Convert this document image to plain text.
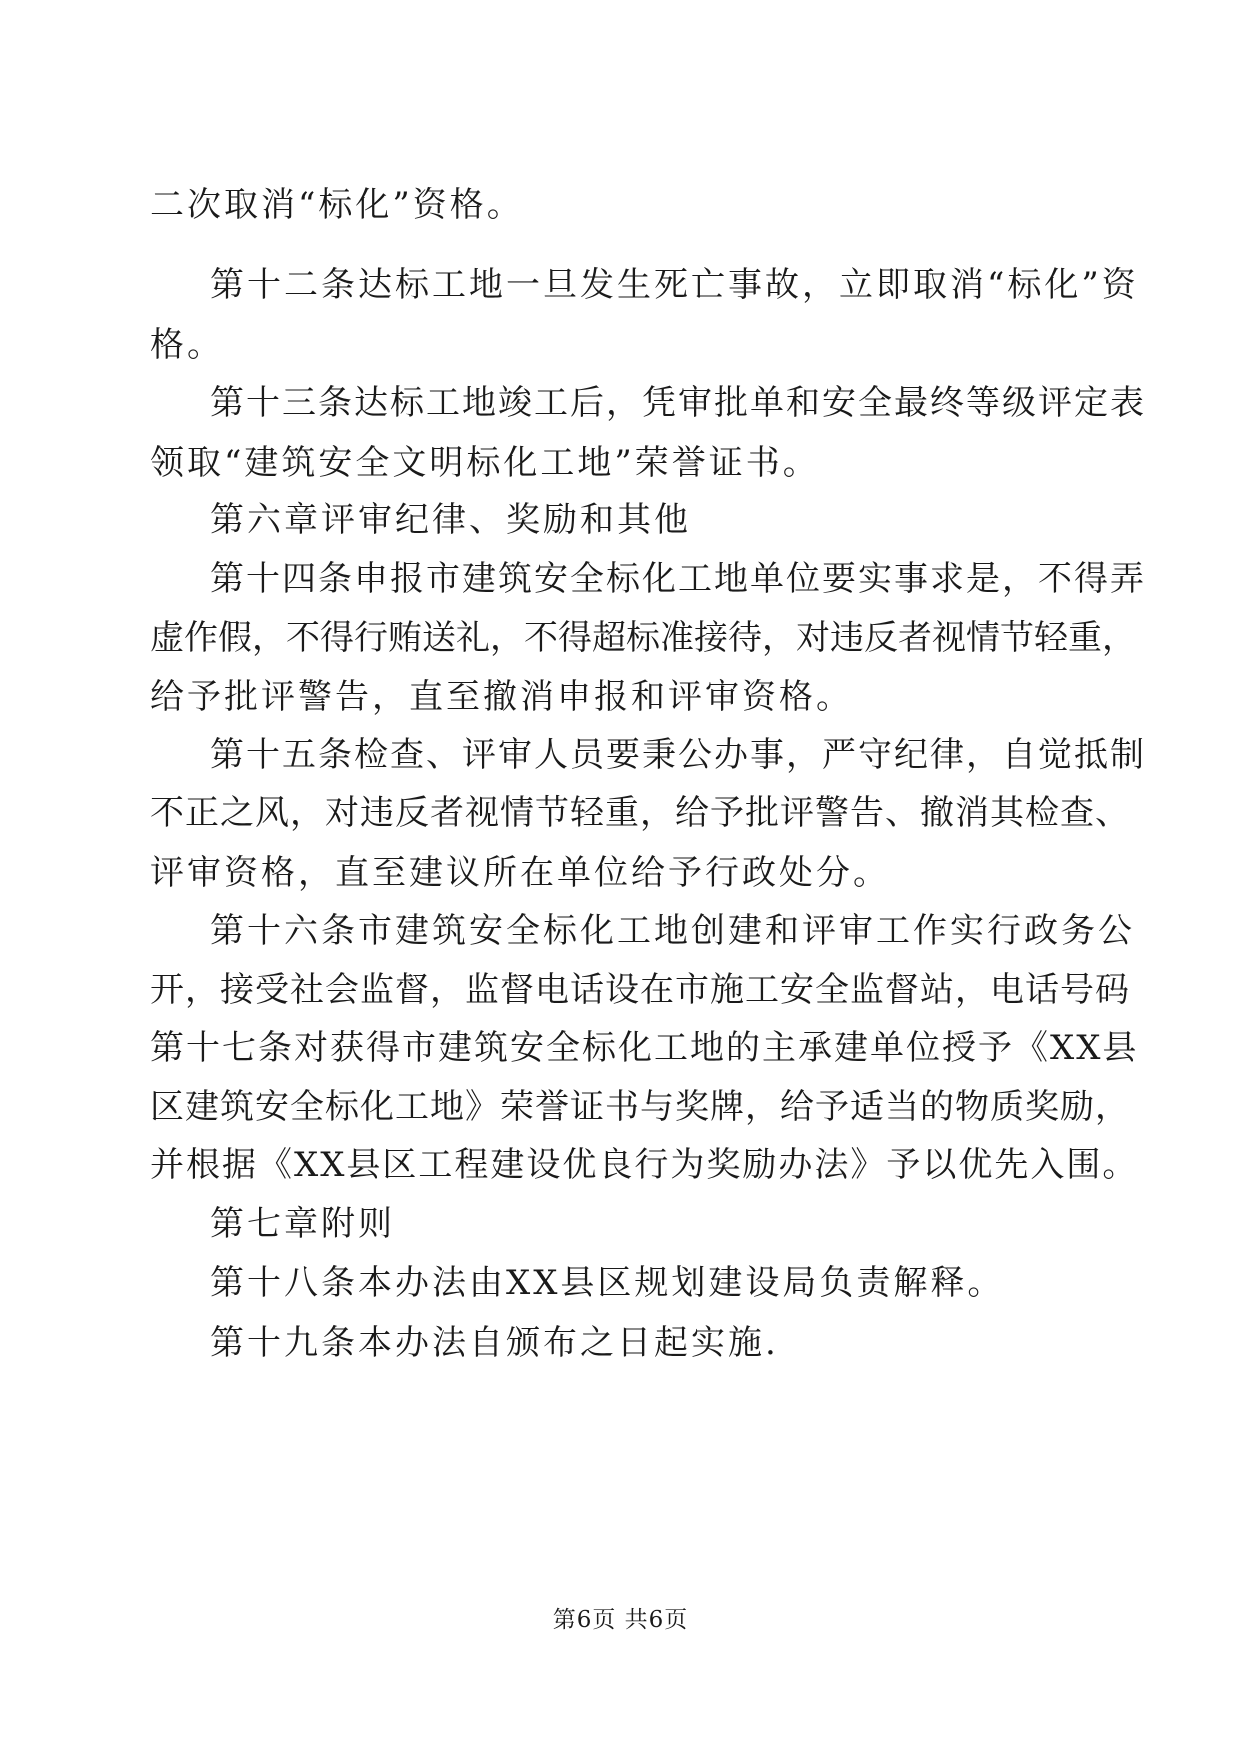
二次取消“标化”资格。
第十二条达标工地一旦发生死亡事故，立即取消“标化”资
格。
第十三条达标工地竣工后，凭审批单和安全最终等级评定表
领取“建筑安全文明标化工地”荣誉证书。
第六章评审纪律、奖励和其他
第十四条申报市建筑安全标化工地单位要实事求是，不得弄
虚作假，不得行贿送礼，不得超标准接待，对违反者视情节轻重，
给予批评警告，直至撤消申报和评审资格。
第十五条检查、评审人员要秉公办事，严守纪律，自觉抵制
不正之风，对违反者视情节轻重，给予批评警告、撤消其检查、
评审资格，直至建议所在单位给予行政处分。
第十六条市建筑安全标化工地创建和评审工作实行政务公
开，接受社会监督，监督电话设在市施工安全监督站，电话号码
第十七条对获得市建筑安全标化工地的主承建单位授予《XX县
区建筑安全标化工地》荣誉证书与奖牌，给予适当的物质奖励，
并根据《XX县区工程建设优良行为奖励办法》予以优先入围。
第七章附则
第十八条本办法由XX县区规划建设局负责解释。
第十九条本办法自颁布之日起实施.
第6页 共6页
